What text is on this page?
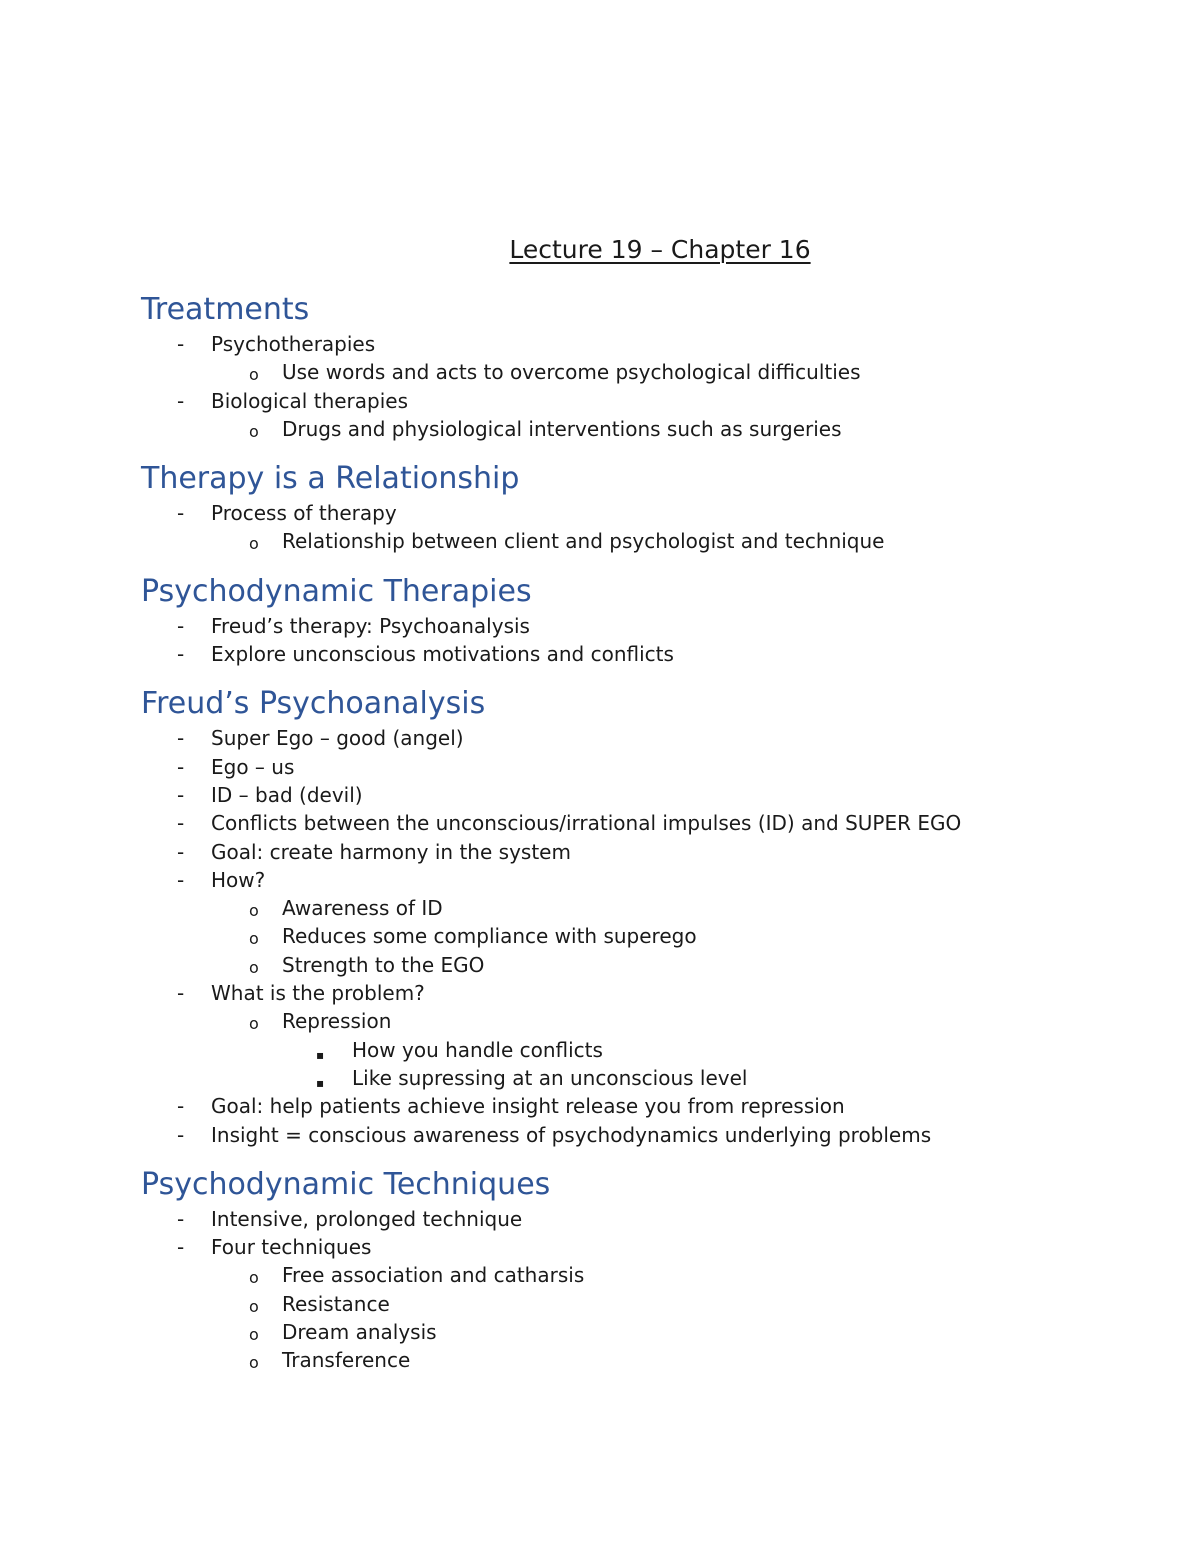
Lecture 19 – Chapter 16
Treatments
- Psychotherapies
o Use words and acts to overcome psychological difficulties
- Biological therapies
o Drugs and physiological interventions such as surgeries
Therapy is a Relationship
- Process of therapy
o Relationship between client and psychologist and technique
Psychodynamic Therapies
- Freud’s therapy: Psychoanalysis
- Explore unconscious motivations and conflicts
Freud’s Psychoanalysis
- Super Ego – good (angel)
- Ego – us
- ID – bad (devil)
- Conflicts between the unconscious/irrational impulses (ID) and SUPER EGO
- Goal: create harmony in the system
- How?
o Awareness of ID
o Reduces some compliance with superego
o Strength to the EGO
- What is the problem?
o Repression
▪ How you handle conflicts
▪ Like supressing at an unconscious level
- Goal: help patients achieve insight release you from repression
- Insight = conscious awareness of psychodynamics underlying problems
Psychodynamic Techniques
- Intensive, prolonged technique
- Four techniques
o Free association and catharsis
o Resistance
o Dream analysis
o Transference
